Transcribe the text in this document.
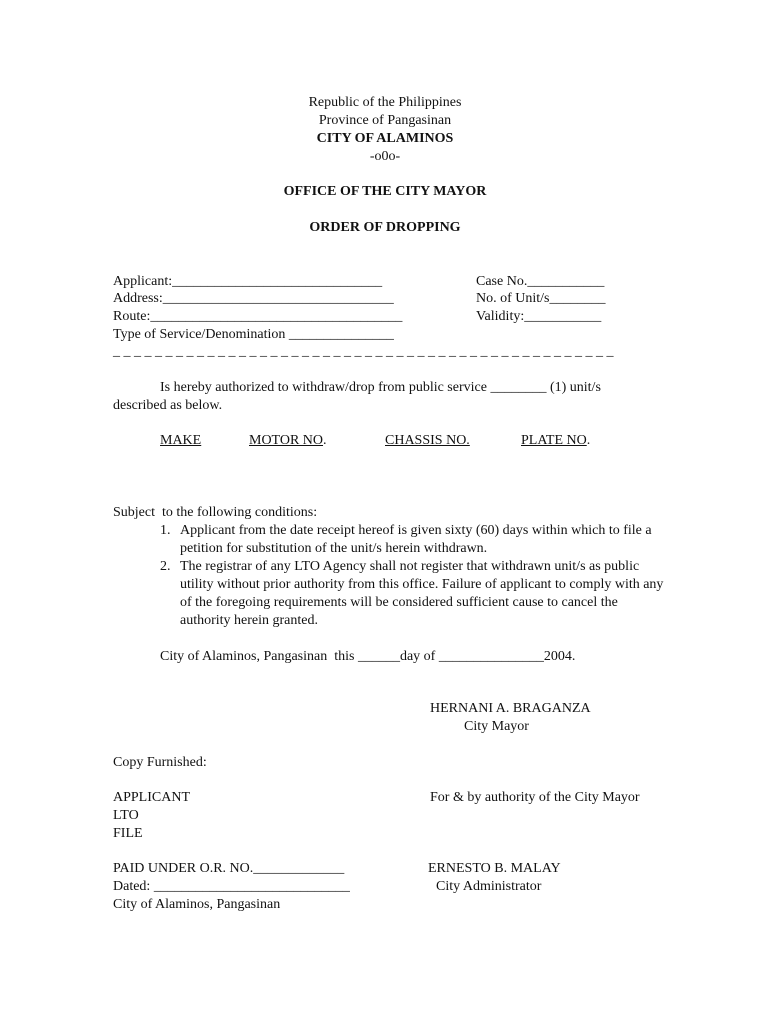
Republic of the Philippines
Province of Pangasinan
CITY OF ALAMINOS
-o0o-
OFFICE OF THE CITY MAYOR
ORDER OF DROPPING
Applicant:______________________________
Address:_________________________________
Route:____________________________________
Type of Service/Denomination _______________
Case No.___________
No. of Unit/s________
Validity:___________
_ _ _ _ _ _ _ _ _ _ _ _ _ _ _ _ _ _ _ _ _ _ _ _ _ _ _ _ _ _ _ _ _ _ _ _ _ _ _ _ _ _ _ _ _ _ _ _
Is hereby authorized to withdraw/drop from public service ________ (1) unit/s
described as below.
MAKE	MOTOR NO.	CHASSIS NO.	PLATE NO.
Subject  to the following conditions:
1. Applicant from the date receipt hereof is given sixty (60) days within which to file a petition for substitution of the unit/s herein withdrawn.
2. The registrar of any LTO Agency shall not register that withdrawn unit/s as public utility without prior authority from this office. Failure of applicant to comply with any of the foregoing requirements will be considered sufficient cause to cancel the authority herein granted.
City of Alaminos, Pangasinan  this ______day of _______________2004.
HERNANI A. BRAGANZA
City Mayor
Copy Furnished:
APPLICANT
LTO
FILE
For & by authority of the City Mayor
PAID UNDER O.R. NO._____________
Dated: ____________________________
City of Alaminos, Pangasinan
ERNESTO B. MALAY
City Administrator
